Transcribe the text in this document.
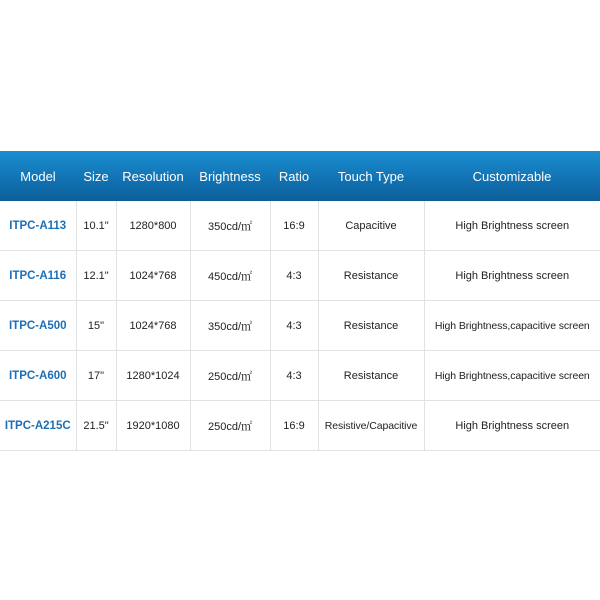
Model	Size	Resolution	Brightness	Ratio	Touch Type	Customizable
ITPC-A113	10.1"	1280*800	350cd/㎡	16:9	Capacitive	High Brightness screen
ITPC-A116	12.1"	1024*768	450cd/㎡	4:3	Resistance	High Brightness screen
ITPC-A500	15"	1024*768	350cd/㎡	4:3	Resistance	High Brightness,capacitive screen
ITPC-A600	17"	1280*1024	250cd/㎡	4:3	Resistance	High Brightness,capacitive screen
ITPC-A215C	21.5"	1920*1080	250cd/㎡	16:9	Resistive/Capacitive	High Brightness screen
